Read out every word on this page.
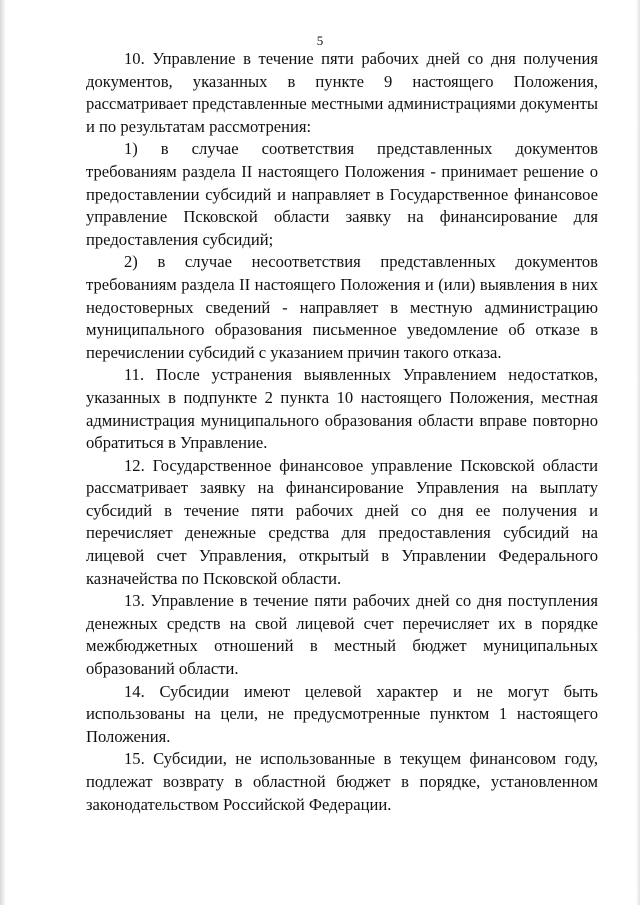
5

10. Управление в течение пяти рабочих дней со дня получения документов, указанных в пункте 9 настоящего Положения, рассматривает представленные местными администрациями документы и по результатам рассмотрения:

1) в случае соответствия представленных документов требованиям раздела II настоящего Положения - принимает решение о предоставлении субсидий и направляет в Государственное финансовое управление Псковской области заявку на финансирование для предоставления субсидий;

2) в случае несоответствия представленных документов требованиям раздела II настоящего Положения и (или) выявления в них недостоверных сведений - направляет в местную администрацию муниципального образования письменное уведомление об отказе в перечислении субсидий с указанием причин такого отказа.

11. После устранения выявленных Управлением недостатков, указанных в подпункте 2 пункта 10 настоящего Положения, местная администрация муниципального образования области вправе повторно обратиться в Управление.

12. Государственное финансовое управление Псковской области рассматривает заявку на финансирование Управления на выплату субсидий в течение пяти рабочих дней со дня ее получения и перечисляет денежные средства для предоставления субсидий на лицевой счет Управления, открытый в Управлении Федерального казначейства по Псковской области.

13. Управление в течение пяти рабочих дней со дня поступления денежных средств на свой лицевой счет перечисляет их в порядке межбюджетных отношений в местный бюджет муниципальных образований области.

14. Субсидии имеют целевой характер и не могут быть использованы на цели, не предусмотренные пунктом 1 настоящего Положения.

15. Субсидии, не использованные в текущем финансовом году, подлежат возврату в областной бюджет в порядке, установленном законодательством Российской Федерации.
